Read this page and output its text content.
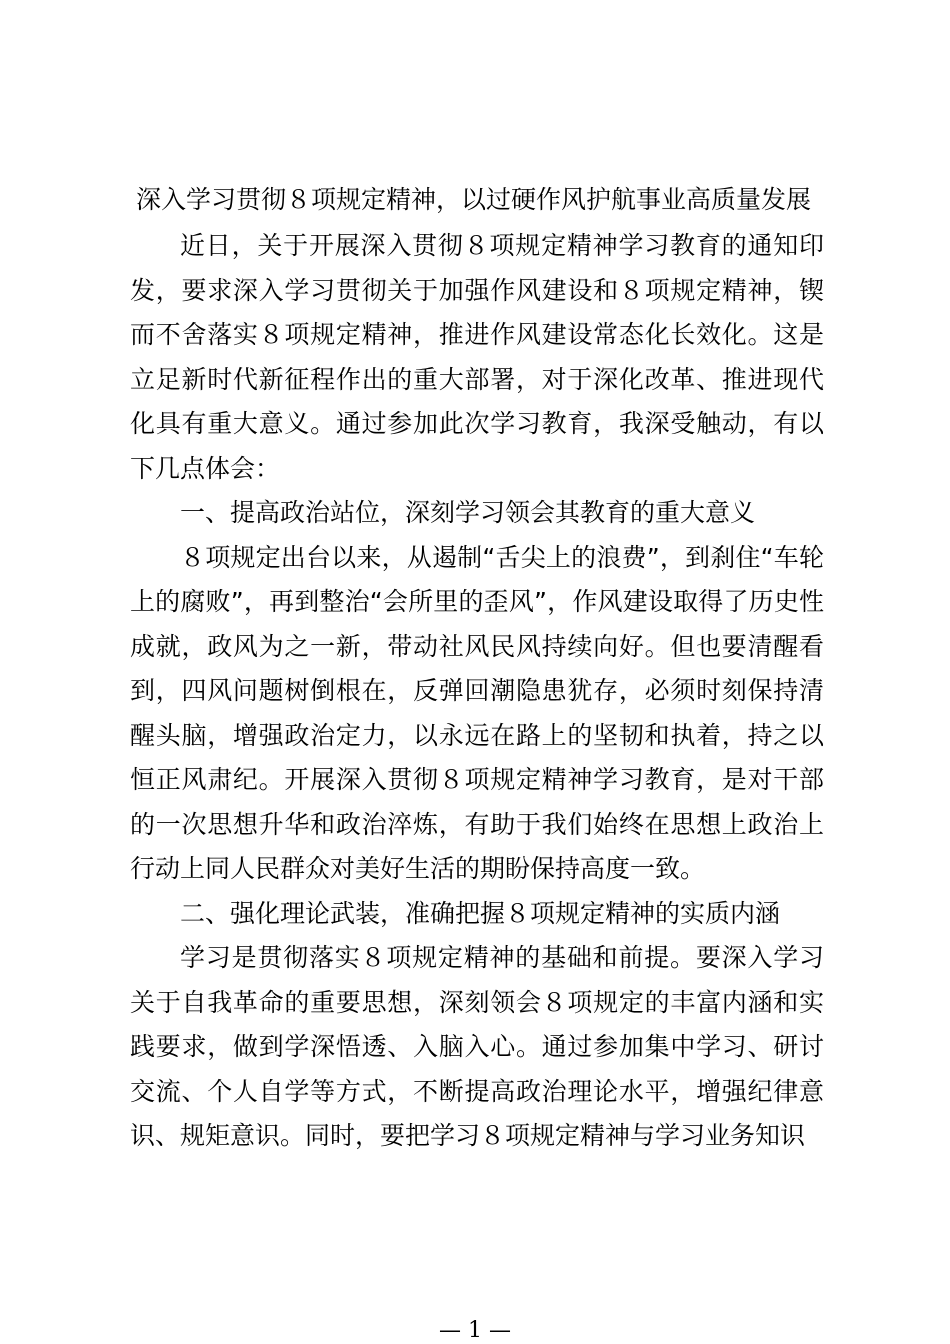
深入学习贯彻８项规定精神，以过硬作风护航事业高质量发展

近日，关于开展深入贯彻８项规定精神学习教育的通知印发，要求深入学习贯彻关于加强作风建设和８项规定精神，锲而不舍落实８项规定精神，推进作风建设常态化长效化。这是立足新时代新征程作出的重大部署，对于深化改革、推进现代化具有重大意义。通过参加此次学习教育，我深受触动，有以下几点体会：

一、提高政治站位，深刻学习领会其教育的重大意义

８项规定出台以来，从遏制“舌尖上的浪费”，到刹住“车轮上的腐败”，再到整治“会所里的歪风”，作风建设取得了历史性成就，政风为之一新，带动社风民风持续向好。但也要清醒看到，四风问题树倒根在，反弹回潮隐患犹存，必须时刻保持清醒头脑，增强政治定力，以永远在路上的坚韧和执着，持之以恒正风肃纪。开展深入贯彻８项规定精神学习教育，是对干部的一次思想升华和政治淬炼，有助于我们始终在思想上政治上行动上同人民群众对美好生活的期盼保持高度一致。

二、强化理论武装，准确把握８项规定精神的实质内涵

学习是贯彻落实８项规定精神的基础和前提。要深入学习关于自我革命的重要思想，深刻领会８项规定的丰富内涵和实践要求，做到学深悟透、入脑入心。通过参加集中学习、研讨交流、个人自学等方式，不断提高政治理论水平，增强纪律意识、规矩意识。同时，要把学习８项规定精神与学习业务知识

— 1 —
